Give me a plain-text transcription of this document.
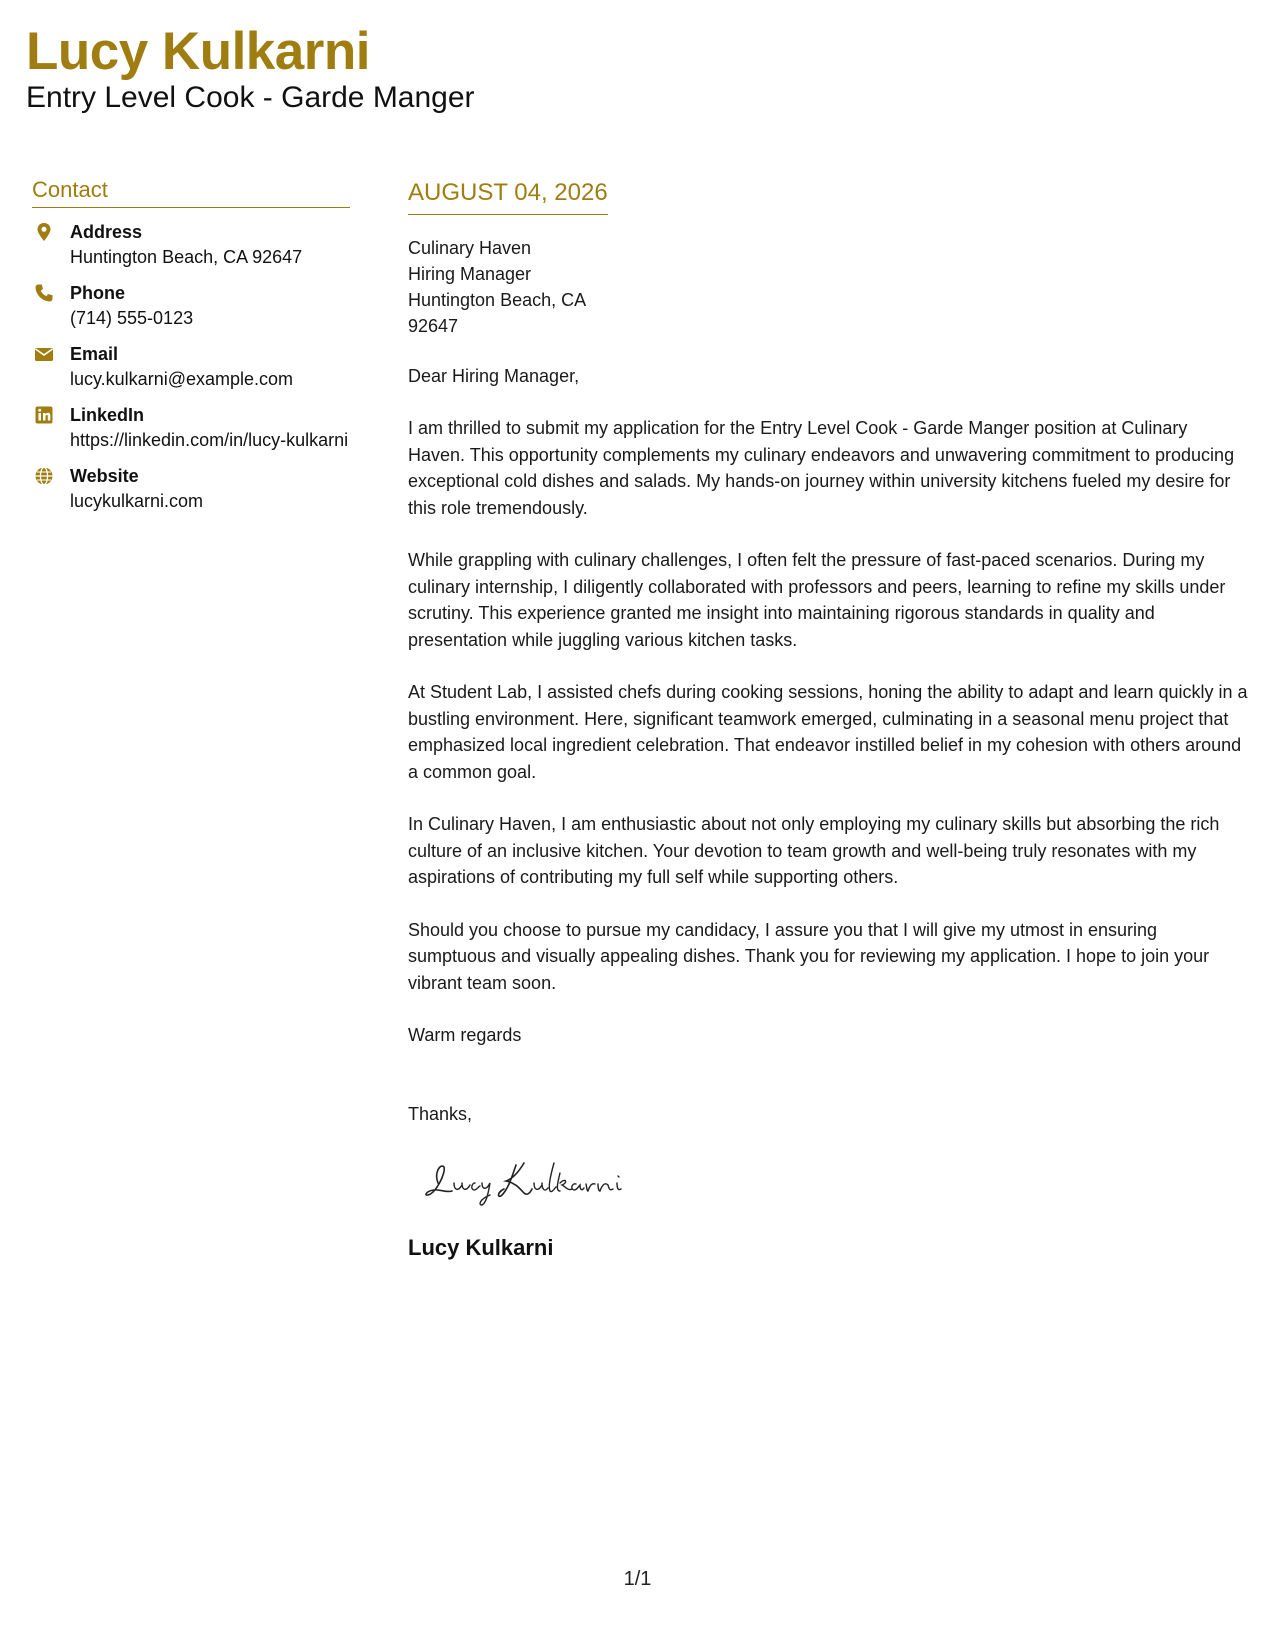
Lucy Kulkarni
Entry Level Cook - Garde Manger
Contact
Address
Huntington Beach, CA 92647
Phone
(714) 555-0123
Email
lucy.kulkarni@example.com
LinkedIn
https://linkedin.com/in/lucy-kulkarni
Website
lucykulkarni.com
AUGUST 04, 2026
Culinary Haven
Hiring Manager
Huntington Beach, CA
92647
Dear Hiring Manager,

I am thrilled to submit my application for the Entry Level Cook - Garde Manger position at Culinary Haven. This opportunity complements my culinary endeavors and unwavering commitment to producing exceptional cold dishes and salads. My hands-on journey within university kitchens fueled my desire for this role tremendously.

While grappling with culinary challenges, I often felt the pressure of fast-paced scenarios. During my culinary internship, I diligently collaborated with professors and peers, learning to refine my skills under scrutiny. This experience granted me insight into maintaining rigorous standards in quality and presentation while juggling various kitchen tasks.

At Student Lab, I assisted chefs during cooking sessions, honing the ability to adapt and learn quickly in a bustling environment. Here, significant teamwork emerged, culminating in a seasonal menu project that emphasized local ingredient celebration. That endeavor instilled belief in my cohesion with others around a common goal.

In Culinary Haven, I am enthusiastic about not only employing my culinary skills but absorbing the rich culture of an inclusive kitchen. Your devotion to team growth and well-being truly resonates with my aspirations of contributing my full self while supporting others.

Should you choose to pursue my candidacy, I assure you that I will give my utmost in ensuring sumptuous and visually appealing dishes. Thank you for reviewing my application. I hope to join your vibrant team soon.

Warm regards
Thanks,
Lucy Kulkarni
1/1
